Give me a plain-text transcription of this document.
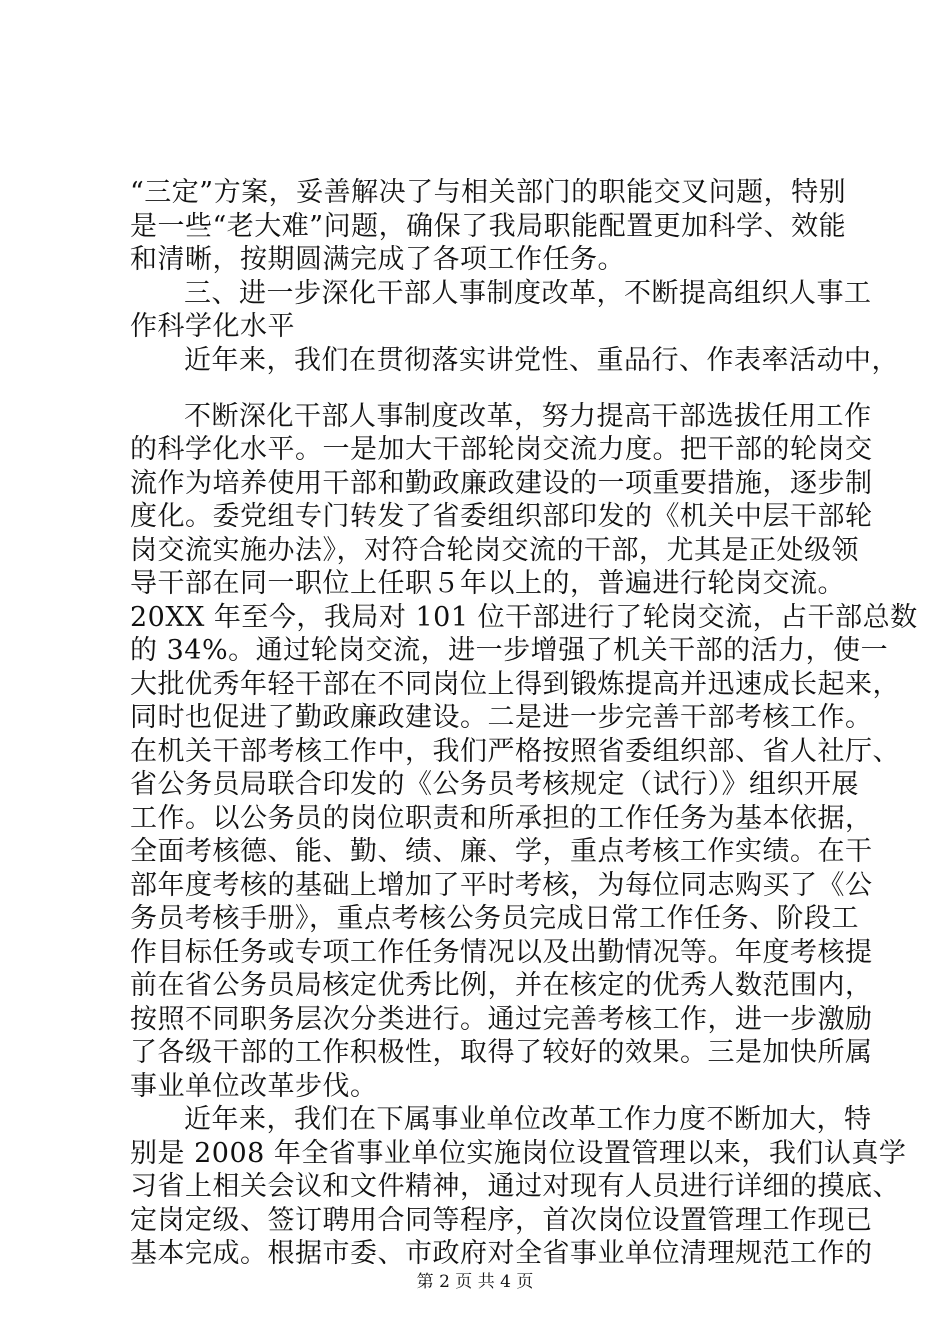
“三定”方案，妥善解决了与相关部门的职能交叉问题，特别
是一些“老大难”问题，确保了我局职能配置更加科学、效能
和清晰，按期圆满完成了各项工作任务。
三、进一步深化干部人事制度改革，不断提高组织人事工
作科学化水平
近年来，我们在贯彻落实讲党性、重品行、作表率活动中，
不断深化干部人事制度改革，努力提高干部选拔任用工作
的科学化水平。一是加大干部轮岗交流力度。把干部的轮岗交
流作为培养使用干部和勤政廉政建设的一项重要措施，逐步制
度化。委党组专门转发了省委组织部印发的《机关中层干部轮
岗交流实施办法》，对符合轮岗交流的干部，尤其是正处级领
导干部在同一职位上任职５年以上的，普遍进行轮岗交流。
20XX 年至今，我局对 101 位干部进行了轮岗交流，占干部总数
的 34%。通过轮岗交流，进一步增强了机关干部的活力，使一
大批优秀年轻干部在不同岗位上得到锻炼提高并迅速成长起来，
同时也促进了勤政廉政建设。二是进一步完善干部考核工作。
在机关干部考核工作中，我们严格按照省委组织部、省人社厅、
省公务员局联合印发的《公务员考核规定（试行）》组织开展
工作。以公务员的岗位职责和所承担的工作任务为基本依据，
全面考核德、能、勤、绩、廉、学，重点考核工作实绩。在干
部年度考核的基础上增加了平时考核，为每位同志购买了《公
务员考核手册》，重点考核公务员完成日常工作任务、阶段工
作目标任务或专项工作任务情况以及出勤情况等。年度考核提
前在省公务员局核定优秀比例，并在核定的优秀人数范围内，
按照不同职务层次分类进行。通过完善考核工作，进一步激励
了各级干部的工作积极性，取得了较好的效果。三是加快所属
事业单位改革步伐。
近年来，我们在下属事业单位改革工作力度不断加大，特
别是 2008 年全省事业单位实施岗位设置管理以来，我们认真学
习省上相关会议和文件精神，通过对现有人员进行详细的摸底、
定岗定级、签订聘用合同等程序，首次岗位设置管理工作现已
基本完成。根据市委、市政府对全省事业单位清理规范工作的
第 2 页 共 4 页
